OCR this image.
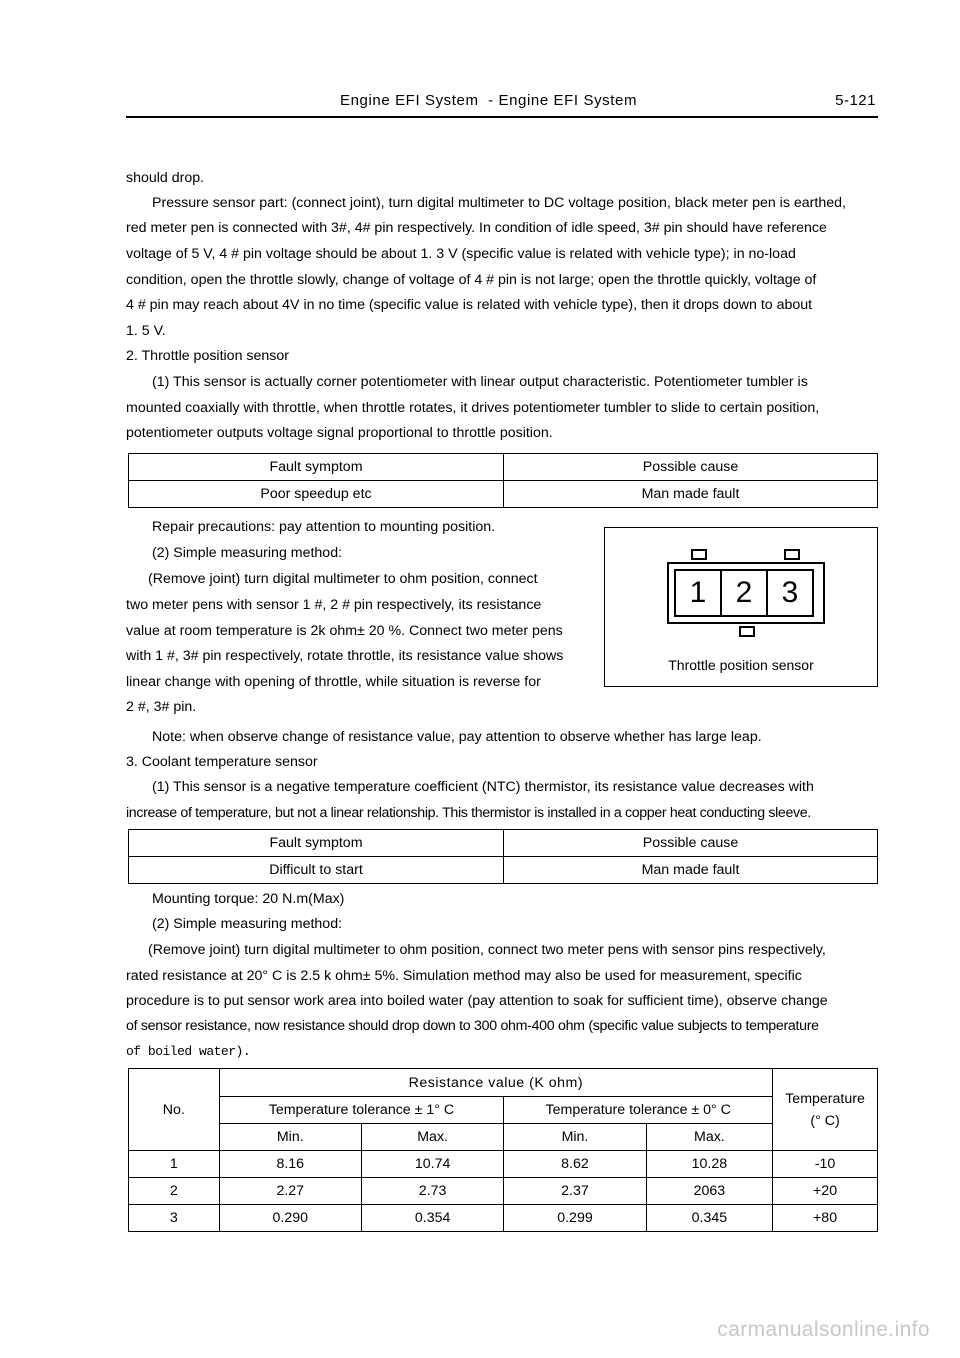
Engine EFI System  - Engine EFI System	5-121
should drop.
Pressure sensor part: (connect joint), turn digital multimeter to DC voltage position, black meter pen is earthed,
red meter pen is connected with 3#, 4# pin respectively. In condition of idle speed, 3# pin should have reference
voltage of 5 V, 4 # pin voltage should be about 1. 3 V (specific value is related with vehicle type); in no-load
condition, open the throttle slowly, change of voltage of 4 # pin is not large; open the throttle quickly, voltage of
4 # pin may reach about 4V in no time (specific value is related with vehicle type), then it drops down to about
1. 5 V.
2. Throttle position sensor
(1) This sensor is actually corner potentiometer with linear output characteristic. Potentiometer tumbler is
mounted coaxially with throttle, when throttle rotates, it drives potentiometer tumbler to slide to certain position,
potentiometer outputs voltage signal proportional to throttle position.
Fault symptom	Possible cause
Poor speedup etc	Man made fault
Repair precautions: pay attention to mounting position.
(2) Simple measuring method:
(Remove joint) turn digital multimeter to ohm position, connect
two meter pens with sensor 1 #, 2 # pin respectively, its resistance
value at room temperature is 2k ohm± 20 %. Connect two meter pens
with 1 #, 3# pin respectively, rotate throttle, its resistance value shows
linear change with opening of throttle, while situation is reverse for
2 #, 3# pin.
1 2 3
Throttle position sensor
Note: when observe change of resistance value, pay attention to observe whether has large leap.
3. Coolant temperature sensor
(1) This sensor is a negative temperature coefficient (NTC) thermistor, its resistance value decreases with
increase of temperature, but not a linear relationship. This thermistor is installed in a copper heat conducting sleeve.
Fault symptom	Possible cause
Difficult to start	Man made fault
Mounting torque: 20 N.m(Max)
(2) Simple measuring method:
(Remove joint) turn digital multimeter to ohm position, connect two meter pens with sensor pins respectively,
rated resistance at 20° C is 2.5 k ohm± 5%. Simulation method may also be used for measurement, specific
procedure is to put sensor work area into boiled water (pay attention to soak for sufficient time), observe change
of sensor resistance, now resistance should drop down to 300 ohm-400 ohm (specific value subjects to temperature
of boiled water).
No.	Resistance value (K ohm)				Temperature
(° C)

	Temperature tolerance ± 1° C		Temperature tolerance ± 0° C		
	Min.	Max.	Min.	Max.	
1	8.16	10.74	8.62	10.28	-10
2	2.27	2.73	2.37	2063	+20
3	0.290	0.354	0.299	0.345	+80
carmanualsonline.info
